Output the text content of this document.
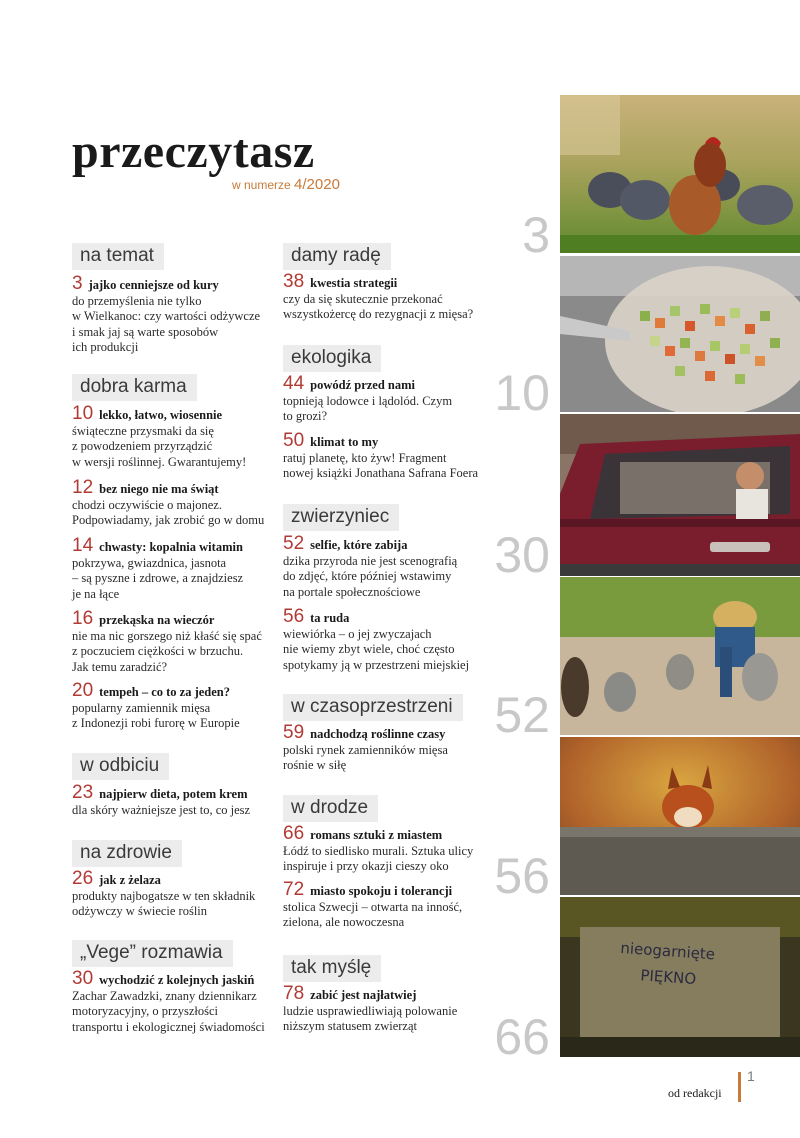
przeczytasz
w numerze 4/2020
na temat
3 jajko cenniejsze od kury
do przemyślenia nie tylko
w Wielkanoc: czy wartości odżywcze
i smak jaj są warte sposobów
ich produkcji
dobra karma
10 lekko, łatwo, wiosennie
świąteczne przysmaki da się
z powodzeniem przyrządzić
w wersji roślinnej. Gwarantujemy!
12 bez niego nie ma świąt
chodzi oczywiście o majonez.
Podpowiadamy, jak zrobić go w domu
14 chwasty: kopalnia witamin
pokrzywa, gwiazdnica, jasnota
– są pyszne i zdrowe, a znajdziesz
je na łące
16 przekąska na wieczór
nie ma nic gorszego niż kłaść się spać
z poczuciem ciężkości w brzuchu.
Jak temu zaradzić?
20 tempeh – co to za jeden?
popularny zamiennik mięsa
z Indonezji robi furorę w Europie
w odbiciu
23 najpierw dieta, potem krem
dla skóry ważniejsze jest to, co jesz
na zdrowie
26 jak z żelaza
produkty najbogatsze w ten składnik
odżywczy w świecie roślin
„Vege” rozmawia
30 wychodzić z kolejnych jaskiń
Zachar Zawadzki, znany dziennikarz
motoryzacyjny, o przyszłości
transportu i ekologicznej świadomości
damy radę
38 kwestia strategii
czy da się skutecznie przekonać
wszystkożercę do rezygnacji z mięsa?
ekologika
44 powódź przed nami
topnieją lodowce i lądolód. Czym
to grozi?
50 klimat to my
ratuj planetę, kto żyw! Fragment
nowej książki Jonathana Safrana Foera
zwierzyniec
52 selfie, które zabija
dzika przyroda nie jest scenografią
do zdjęć, które później wstawimy
na portale społecznościowe
56 ta ruda
wiewiórka – o jej zwyczajach
nie wiemy zbyt wiele, choć często
spotykamy ją w przestrzeni miejskiej
w czasoprzestrzeni
59 nadchodzą roślinne czasy
polski rynek zamienników mięsa
rośnie w siłę
w drodze
66 romans sztuki z miastem
Łódź to siedlisko murali. Sztuka ulicy
inspiruje i przy okazji cieszy oko
72 miasto spokoju i tolerancji
stolica Szwecji – otwarta na inność,
zielona, ale nowoczesna
tak myślę
78 zabić jest najłatwiej
ludzie usprawiedliwiają polowanie
niższym statusem zwierząt
nieogarnięte
PIĘKNO
3
10
30
52
56
66
od redakcji
1
